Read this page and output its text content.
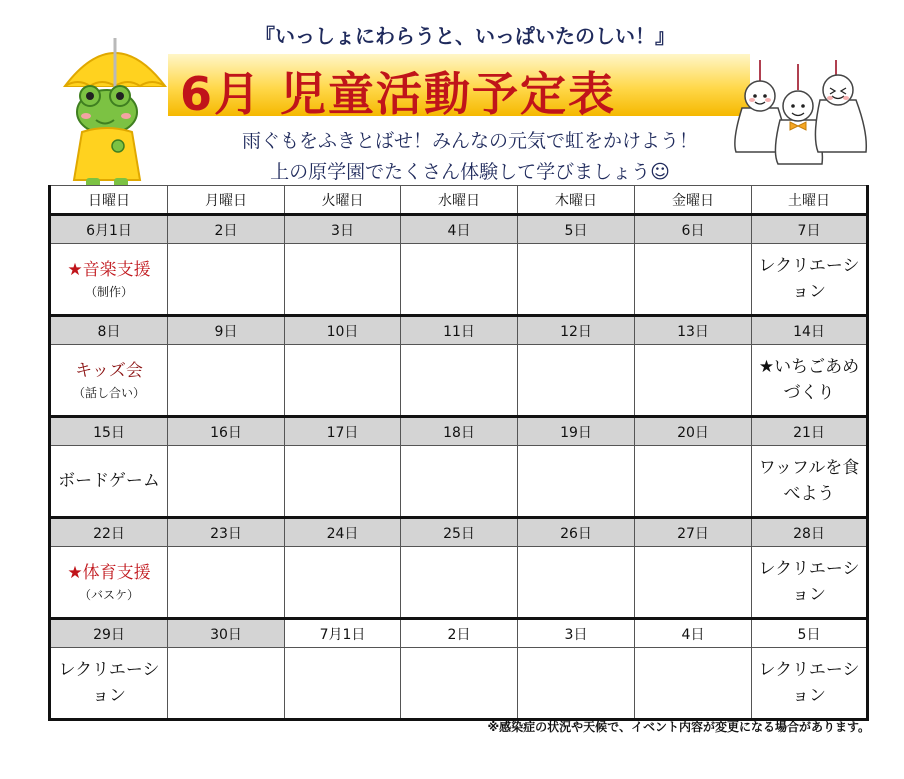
『いっしょにわらうと、いっぱいたのしい！』
6月 児童活動予定表
雨ぐもをふきとばせ！みんなの元気で虹をかけよう！
上の原学園でたくさん体験して学びましょう☺
日曜日	月曜日	火曜日	水曜日	木曜日	金曜日	土曜日
6月1日	2日	3日	4日	5日	6日	7日

★音楽支援
（制作）						レクリエーション

8日	9日	10日	11日	12日	13日	14日

キッズ会
（話し合い）						★いちごあめづくり

15日	16日	17日	18日	19日	20日	21日

ボードゲーム						ワッフルを食べよう

22日	23日	24日	25日	26日	27日	28日

★体育支援
（バスケ）						レクリエーション

29日	30日	7月1日	2日	3日	4日	5日

レクリエーション						レクリエーション
※感染症の状況や天候で、イベント内容が変更になる場合があります。
